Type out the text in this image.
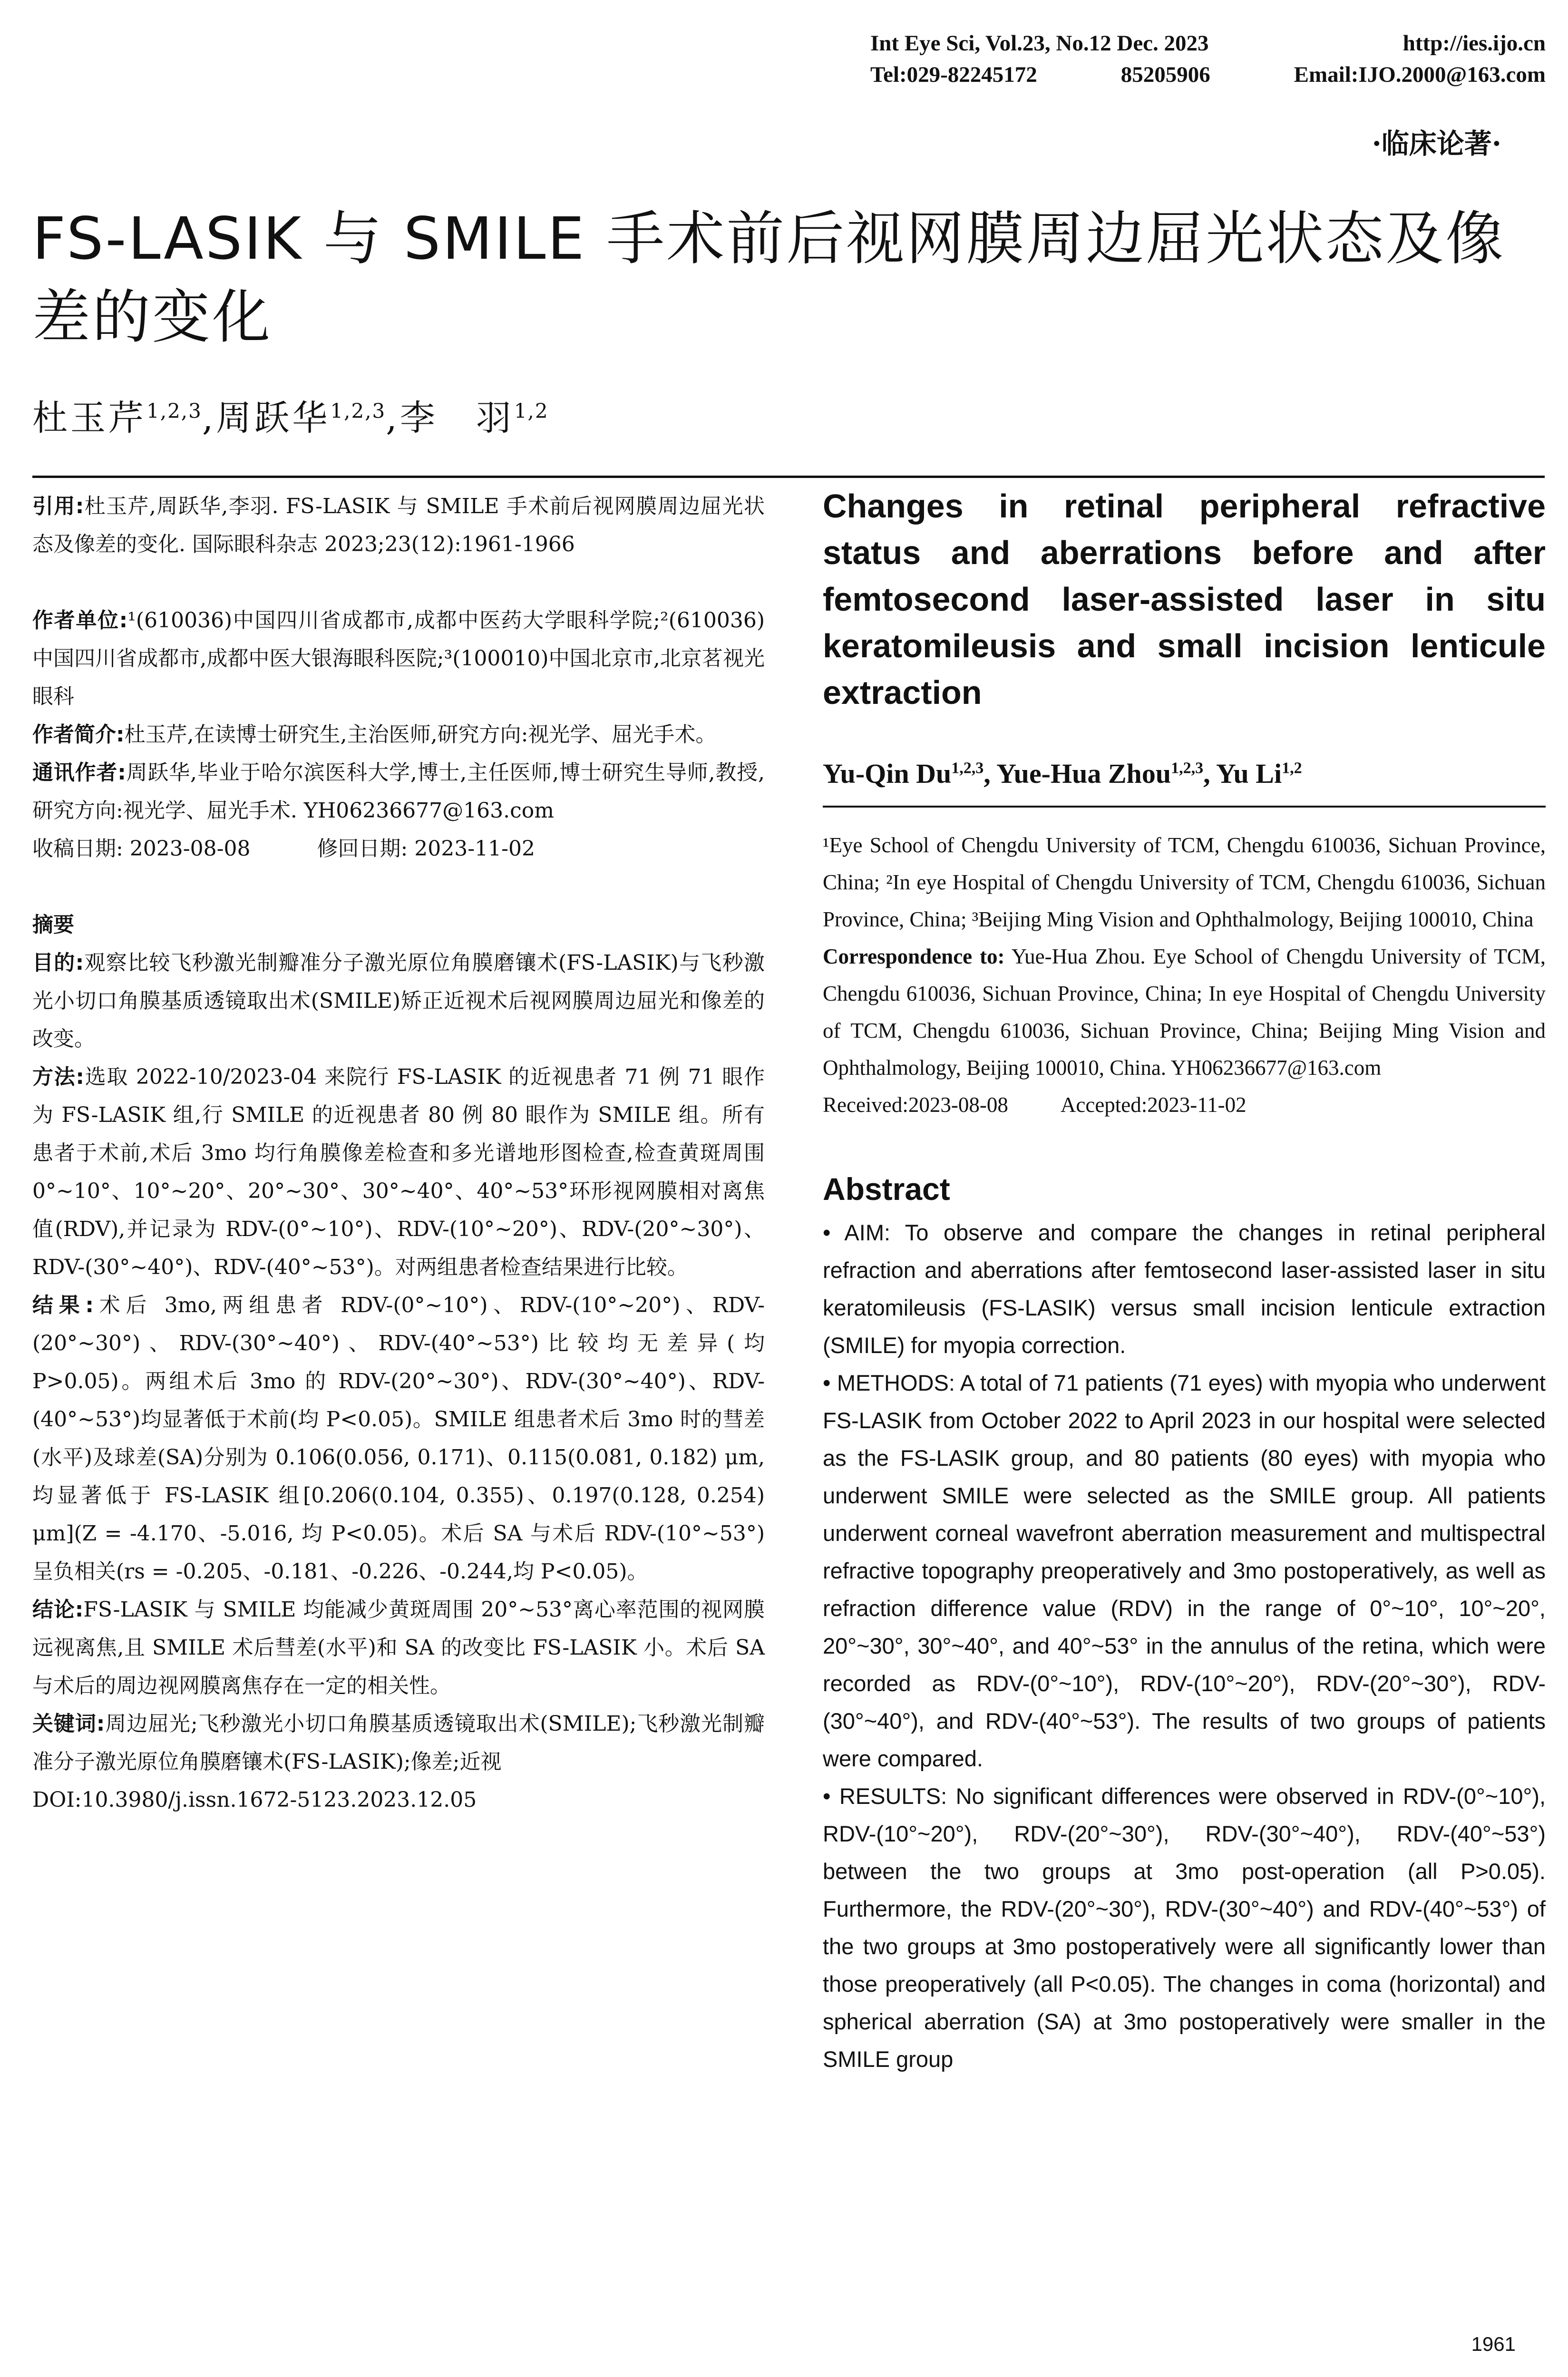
Int Eye Sci, Vol.23, No.12 Dec. 2023	http://ies.ijo.cn
Tel:029-82245172	85205906	Email:IJO.2000@163.com
·临床论著·
FS-LASIK 与 SMILE 手术前后视网膜周边屈光状态及像差的变化
杜玉芹$^{1,2,3}$,周跃华$^{1,2,3}$,李　羽$^{1,2}$

引用:杜玉芹,周跃华,李羽. FS-LASIK 与 SMILE 手术前后视网膜周边屈光状态及像差的变化. 国际眼科杂志 2023;23(12):1961-1966

作者单位:¹(610036)中国四川省成都市,成都中医药大学眼科学院;²(610036)中国四川省成都市,成都中医大银海眼科医院;³(100010)中国北京市,北京茗视光眼科

作者简介:杜玉芹,在读博士研究生,主治医师,研究方向:视光学、屈光手术。

通讯作者:周跃华,毕业于哈尔滨医科大学,博士,主任医师,博士研究生导师,教授,研究方向:视光学、屈光手术. YH06236677@163.com

收稿日期: 2023-08-08	修回日期: 2023-11-02

摘要

目的:观察比较飞秒激光制瓣准分子激光原位角膜磨镶术(FS-LASIK)与飞秒激光小切口角膜基质透镜取出术(SMILE)矫正近视术后视网膜周边屈光和像差的改变。

方法:选取 2022-10/2023-04 来院行 FS-LASIK 的近视患者 71 例 71 眼作为 FS-LASIK 组,行 SMILE 的近视患者 80 例 80 眼作为 SMILE 组。所有患者于术前,术后 3mo 均行角膜像差检查和多光谱地形图检查,检查黄斑周围 0°~10°、10°~20°、20°~30°、30°~40°、40°~53°环形视网膜相对离焦值(RDV),并记录为 RDV-(0°~10°)、RDV-(10°~20°)、RDV-(20°~30°)、RDV-(30°~40°)、RDV-(40°~53°)。对两组患者检查结果进行比较。

结果:术后 3mo,两组患者 RDV-(0°~10°)、RDV-(10°~20°)、RDV-(20°~30°)、RDV-(30°~40°)、RDV-(40°~53°)比较均无差异(均 P>0.05)。两组术后 3mo 的 RDV-(20°~30°)、RDV-(30°~40°)、RDV-(40°~53°)均显著低于术前(均 P<0.05)。SMILE 组患者术后 3mo 时的彗差(水平)及球差(SA)分别为 0.106(0.056, 0.171)、0.115(0.081, 0.182) μm, 均显著低于 FS-LASIK 组[0.206(0.104, 0.355)、0.197(0.128, 0.254) μm](Z = -4.170、-5.016, 均 P<0.05)。术后 SA 与术后 RDV-(10°~53°)呈负相关(rs = -0.205、-0.181、-0.226、-0.244,均 P<0.05)。

结论:FS-LASIK 与 SMILE 均能减少黄斑周围 20°~53°离心率范围的视网膜远视离焦,且 SMILE 术后彗差(水平)和 SA 的改变比 FS-LASIK 小。术后 SA 与术后的周边视网膜离焦存在一定的相关性。

关键词:周边屈光;飞秒激光小切口角膜基质透镜取出术(SMILE);飞秒激光制瓣准分子激光原位角膜磨镶术(FS-LASIK);像差;近视

DOI:10.3980/j.issn.1672-5123.2023.12.05

Changes in retinal peripheral refractive status and aberrations before and after femtosecond laser-assisted laser in situ keratomileusis and small incision lenticule extraction
Yu-Qin Du$^{1,2,3}$, Yue-Hua Zhou$^{1,2,3}$, Yu Li$^{1,2}$

¹Eye School of Chengdu University of TCM, Chengdu 610036, Sichuan Province, China; ²In eye Hospital of Chengdu University of TCM, Chengdu 610036, Sichuan Province, China; ³Beijing Ming Vision and Ophthalmology, Beijing 100010, China

Correspondence to: Yue-Hua Zhou. Eye School of Chengdu University of TCM, Chengdu 610036, Sichuan Province, China; In eye Hospital of Chengdu University of TCM, Chengdu 610036, Sichuan Province, China; Beijing Ming Vision and Ophthalmology, Beijing 100010, China. YH06236677@163.com

Received:2023-08-08 Accepted:2023-11-02
Abstract

• AIM: To observe and compare the changes in retinal peripheral refraction and aberrations after femtosecond laser-assisted laser in situ keratomileusis (FS-LASIK) versus small incision lenticule extraction (SMILE) for myopia correction.

• METHODS: A total of 71 patients (71 eyes) with myopia who underwent FS-LASIK from October 2022 to April 2023 in our hospital were selected as the FS-LASIK group, and 80 patients (80 eyes) with myopia who underwent SMILE were selected as the SMILE group. All patients underwent corneal wavefront aberration measurement and multispectral refractive topography preoperatively and 3mo postoperatively, as well as refraction difference value (RDV) in the range of 0°~10°, 10°~20°, 20°~30°, 30°~40°, and 40°~53° in the annulus of the retina, which were recorded as RDV-(0°~10°), RDV-(10°~20°), RDV-(20°~30°), RDV-(30°~40°), and RDV-(40°~53°). The results of two groups of patients were compared.

• RESULTS: No significant differences were observed in RDV-(0°~10°), RDV-(10°~20°), RDV-(20°~30°), RDV-(30°~40°), RDV-(40°~53°) between the two groups at 3mo post-operation (all P>0.05). Furthermore, the RDV-(20°~30°), RDV-(30°~40°) and RDV-(40°~53°) of the two groups at 3mo postoperatively were all significantly lower than those preoperatively (all P<0.05). The changes in coma (horizontal) and spherical aberration (SA) at 3mo postoperatively were smaller in the SMILE group

1961
